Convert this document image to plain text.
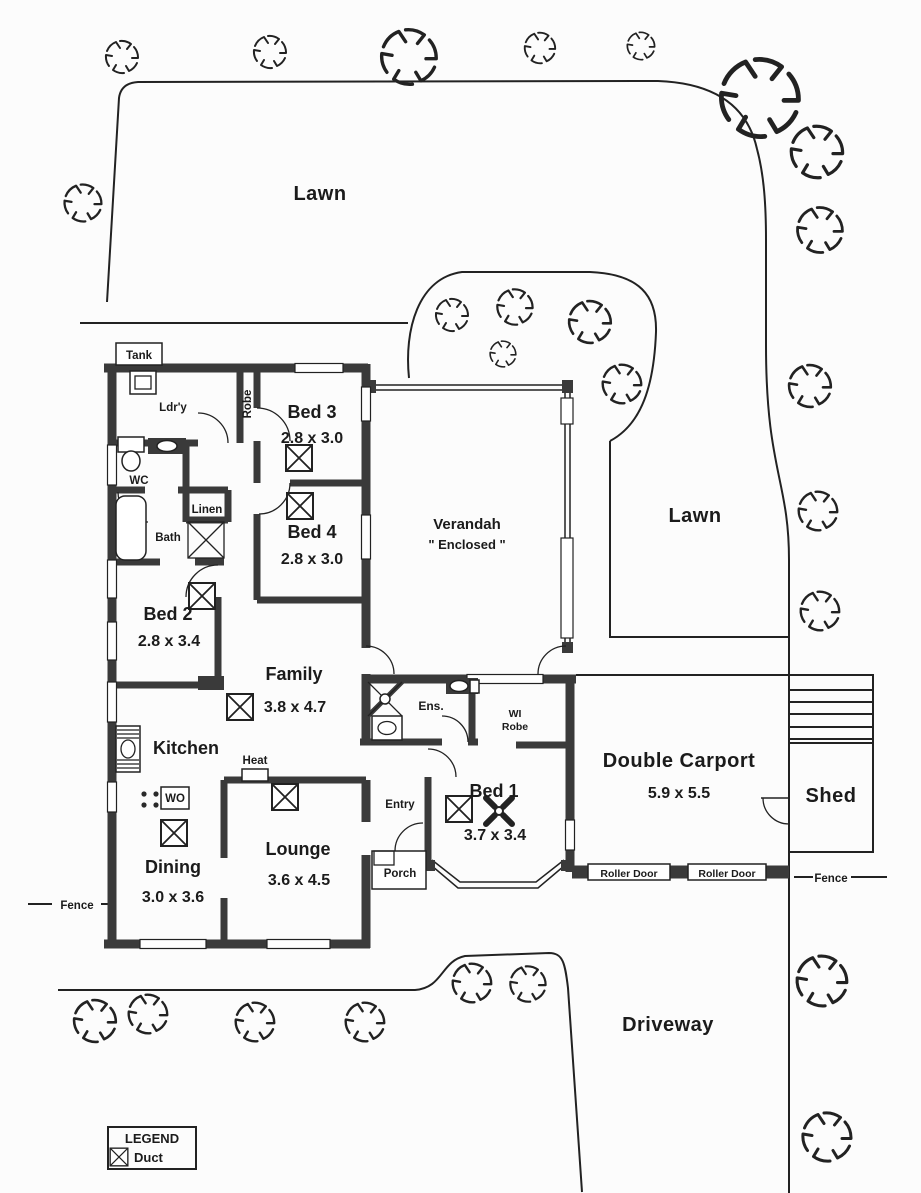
LEGEND
Duct
Lawn
Lawn
Driveway
Fence
Fence
Tank
Shed
Roller Door	Roller Door
Bed 3
2.8 x 3.0
Bed 4
2.8 x 3.0
Bed 2
2.8 x 3.4
Family
3.8 x 4.7
Kitchen
Lounge
3.6 x 4.5
Dining
3.0 x 3.6
Bed 1
3.7 x 3.4
Double Carport
5.9 x 5.5
Verandah
" Enclosed "
Ldr'y	Robe
WC
Bath
Linen
Heat
WO
Ens.
WI
Robe
Entry
Porch
